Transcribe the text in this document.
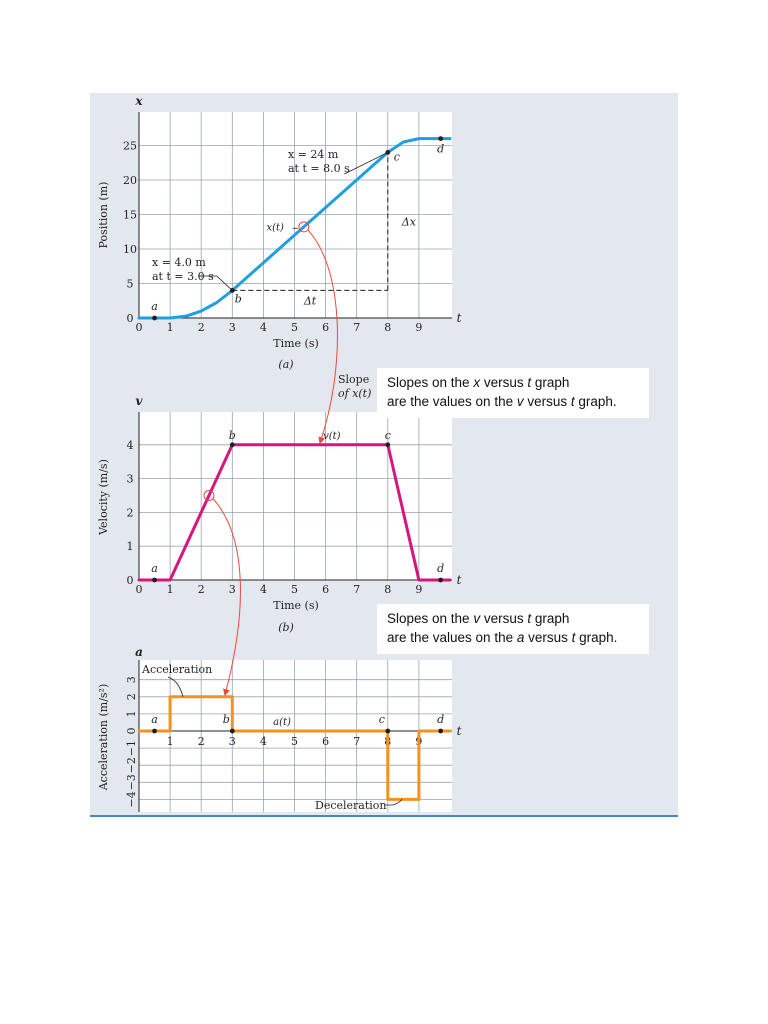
0
5
10
15
20
25
0 1 2 3 4 5 6 7 8 9
x
t
Position (m)
Time (s)
(a)
a
b
c
d
Δt
Δx
x = 4.0 m
at t = 3.0 s
x = 24 m
at t = 8.0 s
x(t)
0
1
2
3
4
0 1 2 3 4 5 6 7 8 9
v
t
Velocity (m/s)
Time (s)
(b)
a
b	c
d
v(t)
Slope
of x(t)
3
2
1
0
−1
−2
−3
−4
1 2 3 4 5 6 7 8 9
a
t
Acceleration (m/s²)	a	b	c	d
a(t)
Acceleration
Deceleration
Slopes on the x versus t graph
are the values on the v versus t graph.
Slopes on the v versus t graph
are the values on the a versus t graph.
